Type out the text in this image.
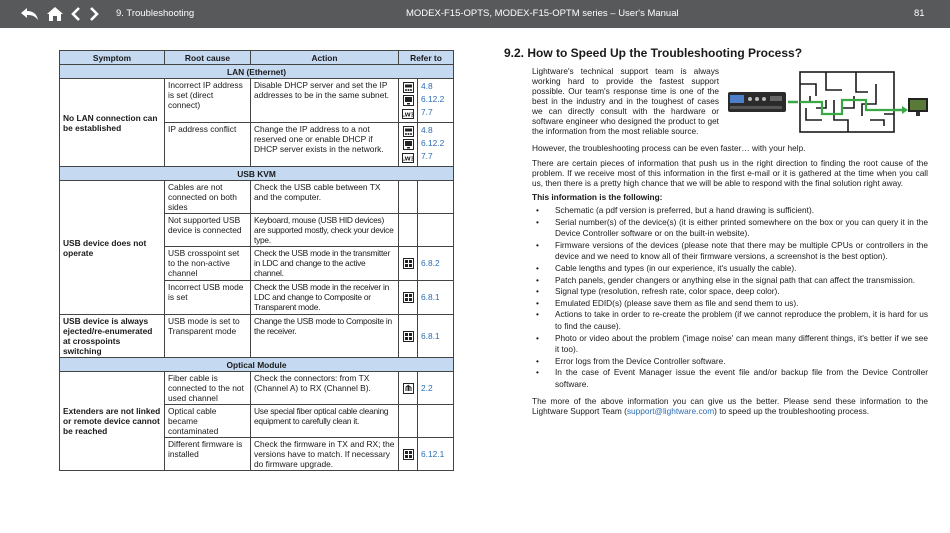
9. Troubleshooting	MODEX-F15-OPTS, MODEX-F15-OPTM series – User's Manual	81
Symptom	Root cause	Action	Refer to	
LAN (Ethernet)				
No LAN connection can be established	Incorrect IP address is set (direct connect)	Disable DHCP server and set the IP addresses to be in the same subnet.	LW3	4.8
6.12.2
7.7

	IP address conflict	Change the IP address to a not reserved one or enable DHCP if DHCP server exists in the network.	LW3	4.8
6.12.2
7.7

USB KVM				
USB device does not operate	Cables are not connected on both sides	Check the USB cable between TX and the computer.		
	Not supported USB device is connected	Keyboard, mouse (USB HID devices) are supported mostly, check your device type.		
	USB crosspoint set to the non-active channel	Check the USB mode in the transmitter in LDC and change to the active channel.		6.8.2

	Incorrect USB mode is set	Check the USB mode in the receiver in LDC and change to Composite or Transparent mode.		6.8.1

USB device is always ejected/re-enumerated at crosspoints switching	USB mode is set to Transparent mode	Change the USB mode to Composite in the receiver.		6.8.1

Optical Module				
Extenders are not linked or remote device cannot be reached	Fiber cable is connected to the not used channel	Check the connectors: from TX (Channel A) to RX (Channel B).		2.2

	Optical cable became contaminated	Use special fiber optical cable cleaning equipment to carefully clean it.		
	Different firmware is installed	Check the firmware in TX and RX; the versions have to match. If necessary do firmware upgrade.		6.12.1
9.2. How to Speed Up the Troubleshooting Process?

Lightware's technical support team is always working hard to provide the fastest support possible. Our team's response time is one of the best in the industry and in the toughest of cases we can directly consult with the hardware or software engineer who designed the product to get the information from the most reliable source.

However, the troubleshooting process can be even faster… with your help.

There are certain pieces of information that push us in the right direction to finding the root cause of the problem. If we receive most of this information in the first e-mail or it is gathered at the time when you call us, then there is a pretty high chance that we will be able to respond with the final solution right away.

This information is the following:

• Schematic (a pdf version is preferred, but a hand drawing is sufficient).
• Serial number(s) of the device(s) (it is either printed somewhere on the box or you can query it in the Device Controller software or on the built-in website).
• Firmware versions of the devices (please note that there may be multiple CPUs or controllers in the device and we need to know all of their firmware versions, a screenshot is the best option).
• Cable lengths and types (in our experience, it's usually the cable).
• Patch panels, gender changers or anything else in the signal path that can affect the transmission.
• Signal type (resolution, refresh rate, color space, deep color).
• Emulated EDID(s) (please save them as file and send them to us).
• Actions to take in order to re-create the problem (if we cannot reproduce the problem, it is hard for us to find the cause).
• Photo or video about the problem ('image noise' can mean many different things, it's better if we see it too).
• Error logs from the Device Controller software.
• In the case of Event Manager issue the event file and/or backup file from the Device Controller software.

The more of the above information you can give us the better. Please send these information to the Lightware Support Team (support@lightware.com) to speed up the troubleshooting process.
